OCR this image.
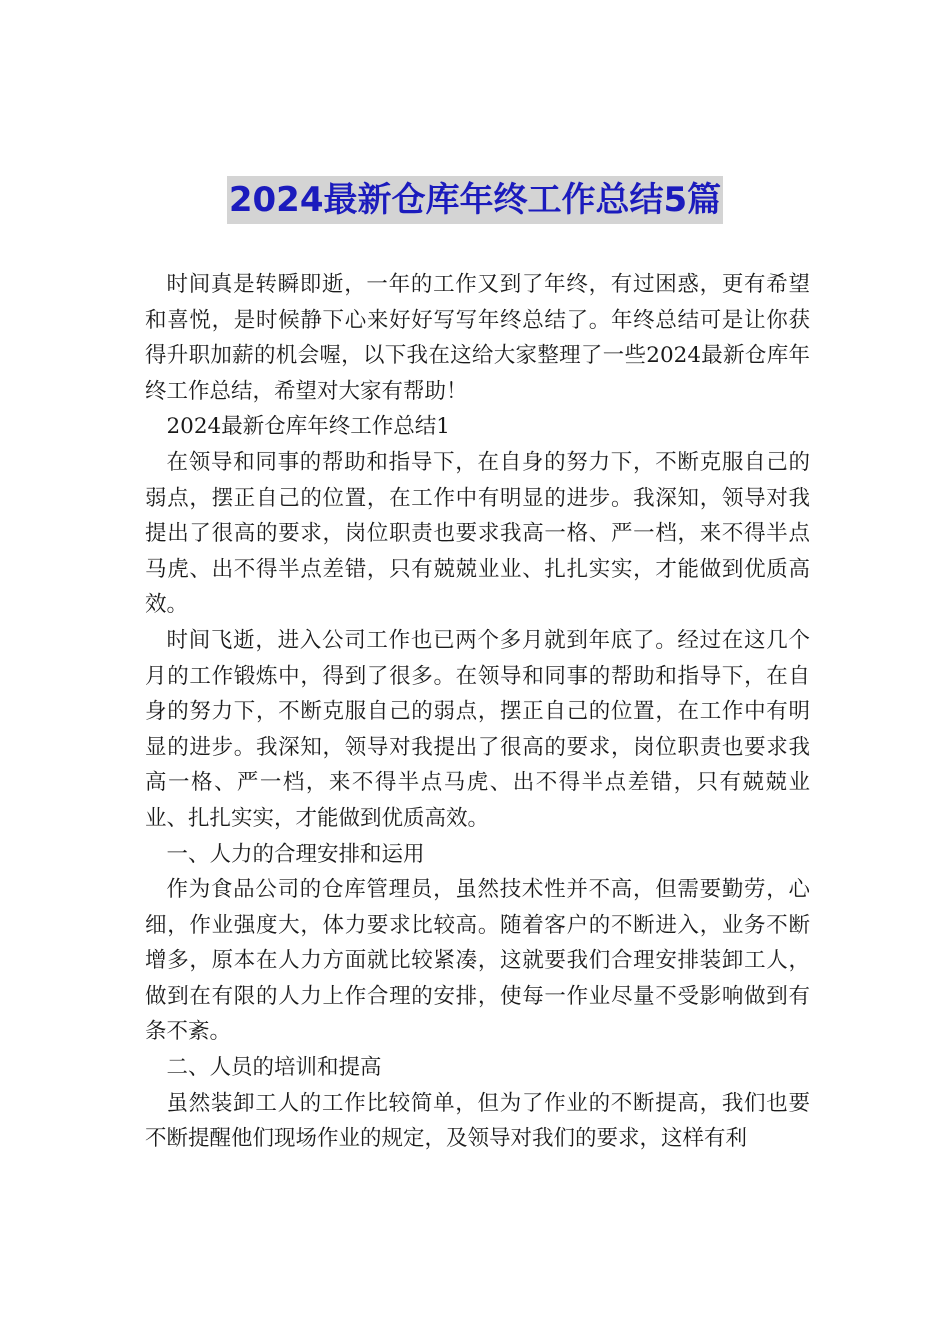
2024最新仓库年终工作总结5篇

时间真是转瞬即逝，一年的工作又到了年终，有过困惑，更有希望和喜悦，是时候静下心来好好写写年终总结了。年终总结可是让你获得升职加薪的机会喔，以下我在这给大家整理了一些2024最新仓库年终工作总结，希望对大家有帮助！

2024最新仓库年终工作总结1

在领导和同事的帮助和指导下，在自身的努力下，不断克服自己的弱点，摆正自己的位置，在工作中有明显的进步。我深知，领导对我提出了很高的要求，岗位职责也要求我高一格、严一档，来不得半点马虎、出不得半点差错，只有兢兢业业、扎扎实实，才能做到优质高效。

时间飞逝，进入公司工作也已两个多月就到年底了。经过在这几个月的工作锻炼中，得到了很多。在领导和同事的帮助和指导下，在自身的努力下，不断克服自己的弱点，摆正自己的位置，在工作中有明显的进步。我深知，领导对我提出了很高的要求，岗位职责也要求我高一格、严一档，来不得半点马虎、出不得半点差错，只有兢兢业业、扎扎实实，才能做到优质高效。

一、人力的合理安排和运用

作为食品公司的仓库管理员，虽然技术性并不高，但需要勤劳，心细，作业强度大，体力要求比较高。随着客户的不断进入，业务不断增多，原本在人力方面就比较紧凑，这就要我们合理安排装卸工人，做到在有限的人力上作合理的安排，使每一作业尽量不受影响做到有条不紊。

二、人员的培训和提高

虽然装卸工人的工作比较简单，但为了作业的不断提高，我们也要不断提醒他们现场作业的规定，及领导对我们的要求，这样有利
